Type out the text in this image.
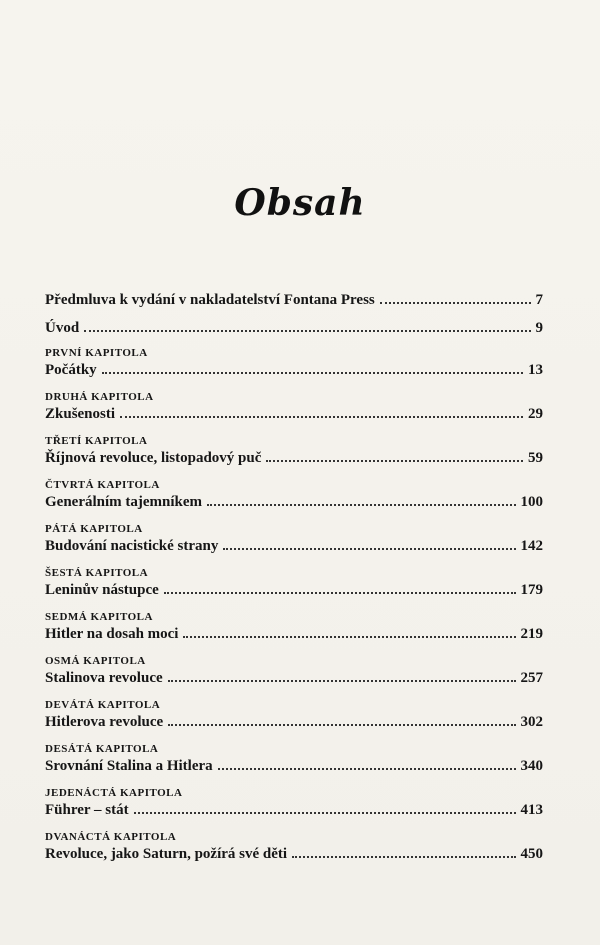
Obsah
Předmluva k vydání v nakladatelství Fontana Press	7
Úvod	9
PRVNÍ KAPITOLA
Počátky	13
DRUHÁ KAPITOLA
Zkušenosti	29
TŘETÍ KAPITOLA
Říjnová revoluce, listopadový puč	59
ČTVRTÁ KAPITOLA
Generálním tajemníkem	100
PÁTÁ KAPITOLA
Budování nacistické strany	142
ŠESTÁ KAPITOLA
Leninův nástupce	179
SEDMÁ KAPITOLA
Hitler na dosah moci	219
OSMÁ KAPITOLA
Stalinova revoluce	257
DEVÁTÁ KAPITOLA
Hitlerova revoluce	302
DESÁTÁ KAPITOLA
Srovnání Stalina a Hitlera	340
JEDENÁCTÁ KAPITOLA
Führer – stát	413
DVANÁCTÁ KAPITOLA
Revoluce, jako Saturn, požírá své děti	450
